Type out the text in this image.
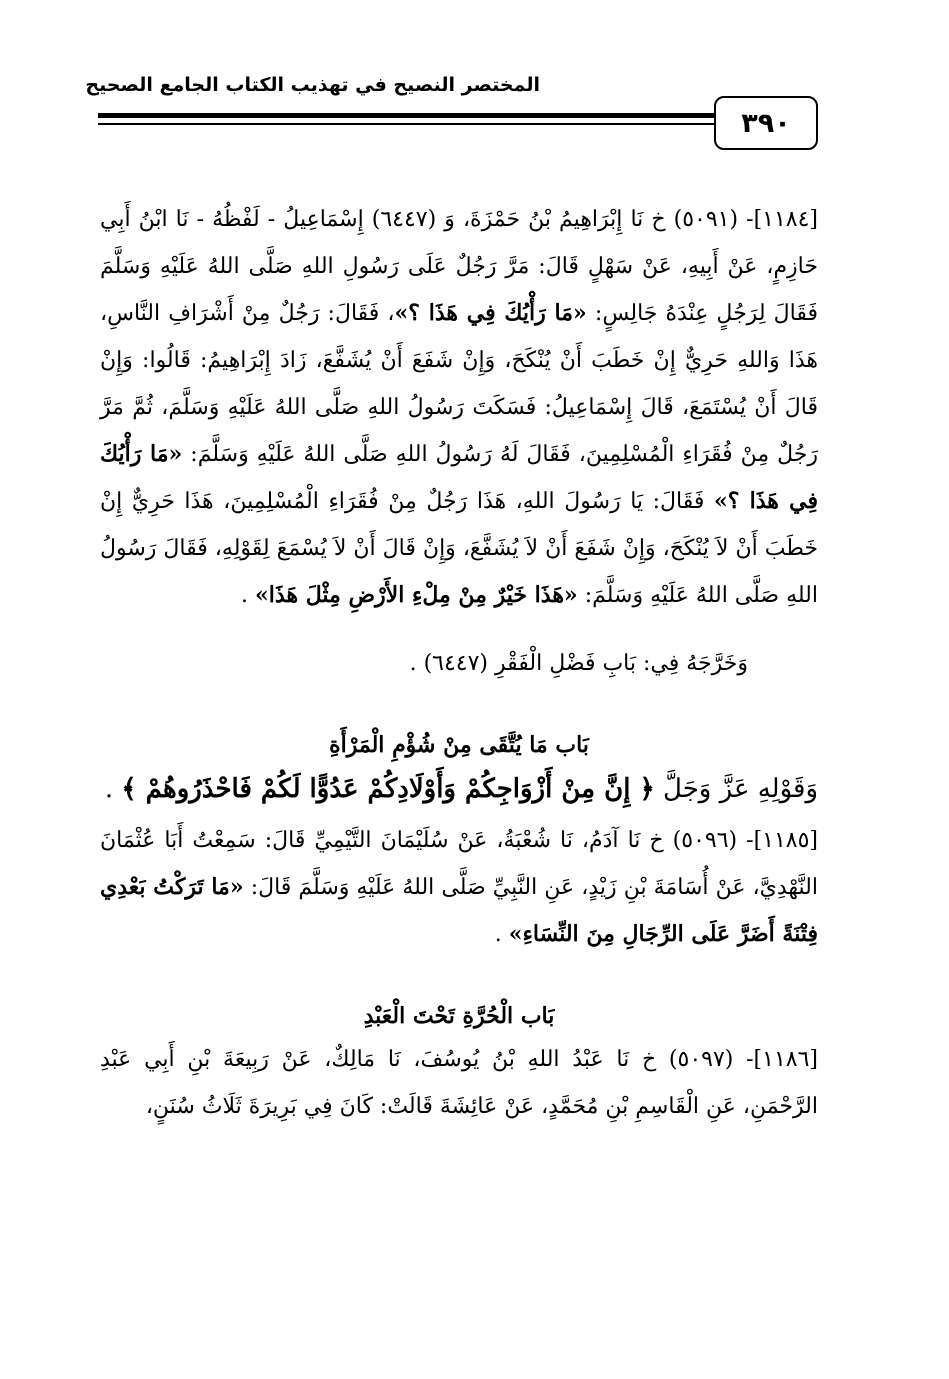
المختصر النصيح في تهذيب الكتاب الجامع الصحيح
٣٩٠

[١١٨٤]- (٥٠٩١) خ نَا إِبْرَاهِيمُ بْنُ حَمْزَةَ، وَ (٦٤٤٧) إِسْمَاعِيلُ - لَفْظُهُ - نَا ابْنُ أَبِي حَازِمٍ، عَنْ أَبِيهِ، عَنْ سَهْلٍ قَالَ: مَرَّ رَجُلٌ عَلَى رَسُولِ اللهِ صَلَّى اللهُ عَلَيْهِ وَسَلَّمَ فَقَالَ لِرَجُلٍ عِنْدَهُ جَالِسٍ: «مَا رَأْيُكَ فِي هَذَا ؟»، فَقَالَ: رَجُلٌ مِنْ أَشْرَافِ النَّاسِ، هَذَا وَاللهِ حَرِيٌّ إِنْ خَطَبَ أَنْ يُنْكَحَ، وَإِنْ شَفَعَ أَنْ يُشَفَّعَ، زَادَ إِبْرَاهِيمُ: قَالُوا: وَإِنْ قَالَ أَنْ يُسْتَمَعَ، قَالَ إِسْمَاعِيلُ: فَسَكَتَ رَسُولُ اللهِ صَلَّى اللهُ عَلَيْهِ وَسَلَّمَ، ثُمَّ مَرَّ رَجُلٌ مِنْ فُقَرَاءِ الْمُسْلِمِينَ، فَقَالَ لَهُ رَسُولُ اللهِ صَلَّى اللهُ عَلَيْهِ وَسَلَّمَ: «مَا رَأْيُكَ فِي هَذَا ؟» فَقَالَ: يَا رَسُولَ اللهِ، هَذَا رَجُلٌ مِنْ فُقَرَاءِ الْمُسْلِمِينَ، هَذَا حَرِيٌّ إِنْ خَطَبَ أَنْ لاَ يُنْكَحَ، وَإِنْ شَفَعَ أَنْ لاَ يُشَفَّعَ، وَإِنْ قَالَ أَنْ لاَ يُسْمَعَ لِقَوْلِهِ، فَقَالَ رَسُولُ اللهِ صَلَّى اللهُ عَلَيْهِ وَسَلَّمَ: «هَذَا خَيْرٌ مِنْ مِلْءِ الأَرْضِ مِثْلَ هَذَا» .

وَخَرَّجَهُ فِي: بَابِ فَضْلِ الْفَقْرِ (٦٤٤٧) .

بَاب مَا يُتَّقَى مِنْ شُؤْمِ الْمَرْأَةِ

وَقَوْلِهِ عَزَّ وَجَلَّ ﴿ إِنَّ مِنْ أَزْوَاجِكُمْ وَأَوْلَادِكُمْ عَدُوًّا لَكُمْ فَاحْذَرُوهُمْ ﴾ .

[١١٨٥]- (٥٠٩٦) خ نَا آدَمُ، نَا شُعْبَةُ، عَنْ سُلَيْمَانَ التَّيْمِيِّ قَالَ: سَمِعْتُ أَبَا عُثْمَانَ النَّهْدِيَّ، عَنْ أُسَامَةَ بْنِ زَيْدٍ، عَنِ النَّبِيِّ صَلَّى اللهُ عَلَيْهِ وَسَلَّمَ قَالَ: «مَا تَرَكْتُ بَعْدِي فِتْنَةً أَضَرَّ عَلَى الرِّجَالِ مِنَ النِّسَاءِ» .

بَاب الْحُرَّةِ تَحْتَ الْعَبْدِ

[١١٨٦]- (٥٠٩٧) خ نَا عَبْدُ اللهِ بْنُ يُوسُفَ، نَا مَالِكٌ، عَنْ رَبِيعَةَ بْنِ أَبِي عَبْدِ الرَّحْمَنِ، عَنِ الْقَاسِمِ بْنِ مُحَمَّدٍ، عَنْ عَائِشَةَ قَالَتْ: كَانَ فِي بَرِيرَةَ ثَلَاثُ سُنَنٍ،
